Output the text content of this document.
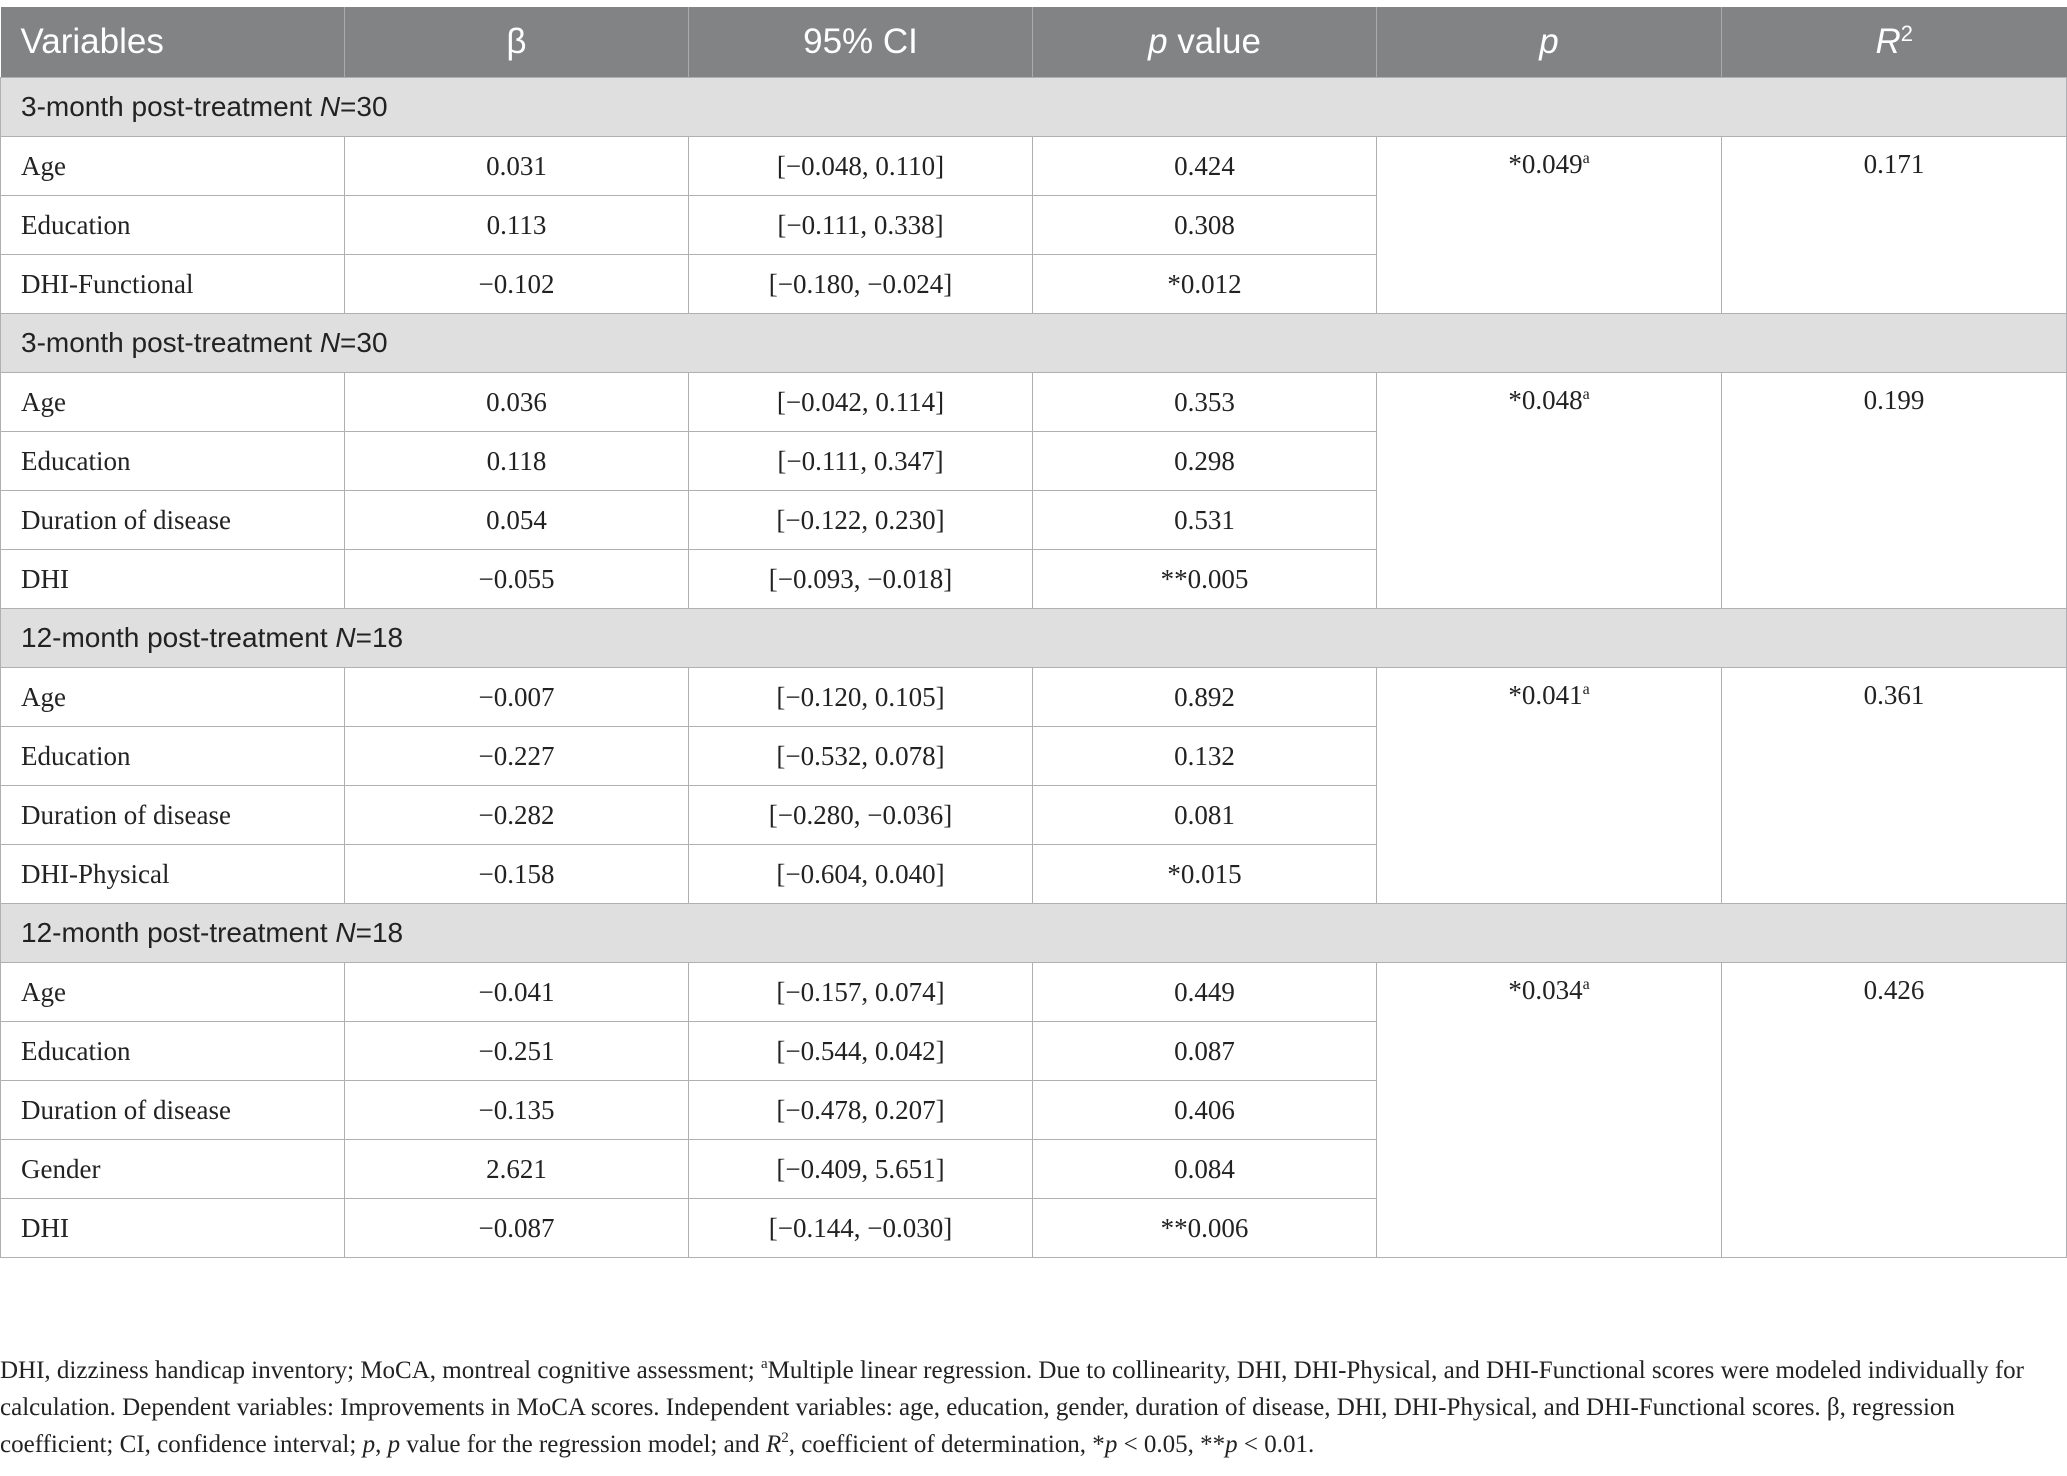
Variables	β	95% CI	p value	p	$R^2$
3-month post-treatment N=30					
Age	0.031	[−0.048, 0.110]	0.424	*0.049$^a$	0.171
Education	0.113	[−0.111, 0.338]	0.308		
DHI-Functional	−0.102	[−0.180, −0.024]	*0.012		
3-month post-treatment N=30					
Age	0.036	[−0.042, 0.114]	0.353	*0.048$^a$	0.199
Education	0.118	[−0.111, 0.347]	0.298		
Duration of disease	0.054	[−0.122, 0.230]	0.531		
DHI	−0.055	[−0.093, −0.018]	**0.005		
12-month post-treatment N=18					
Age	−0.007	[−0.120, 0.105]	0.892	*0.041$^a$	0.361
Education	−0.227	[−0.532, 0.078]	0.132		
Duration of disease	−0.282	[−0.280, −0.036]	0.081		
DHI-Physical	−0.158	[−0.604, 0.040]	*0.015		
12-month post-treatment N=18					
Age	−0.041	[−0.157, 0.074]	0.449	*0.034$^a$	0.426
Education	−0.251	[−0.544, 0.042]	0.087		
Duration of disease	−0.135	[−0.478, 0.207]	0.406		
Gender	2.621	[−0.409, 5.651]	0.084		
DHI	−0.087	[−0.144, −0.030]	**0.006		

DHI, dizziness handicap inventory; MoCA, montreal cognitive assessment; $^a$Multiple linear regression. Due to collinearity, DHI, DHI-Physical, and DHI-Functional scores were modeled individually for calculation. Dependent variables: Improvements in MoCA scores. Independent variables: age, education, gender, duration of disease, DHI, DHI-Physical, and DHI-Functional scores. β, regression coefficient; CI, confidence interval; p, p value for the regression model; and $R^2$, coefficient of determination, *p < 0.05, **p < 0.01.
